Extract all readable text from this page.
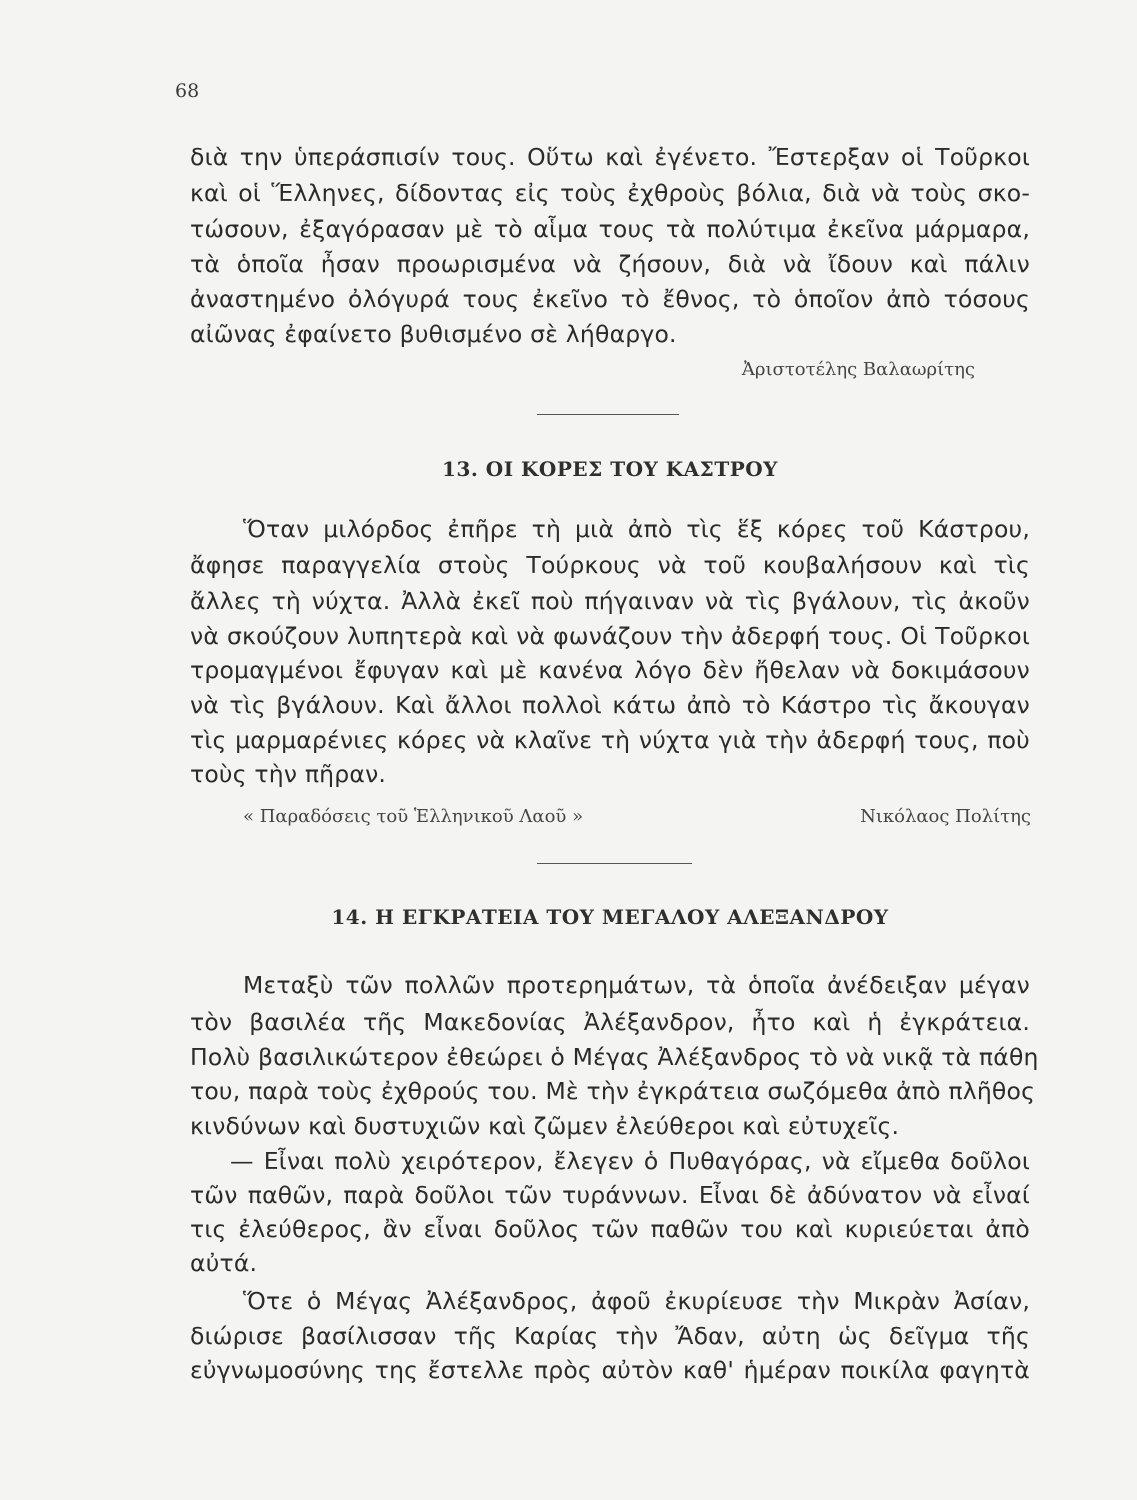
68
διὰ την ὑπεράσπισίν τους. Οὕτω καὶ ἐγένετο. Ἔστερξαν οἱ Τοῦρκοι
καὶ οἱ Ἕλληνες, δίδοντας εἰς τοὺς ἐχθροὺς βόλια, διὰ νὰ τοὺς σκο-
τώσουν, ἐξαγόρασαν μὲ τὸ αἷμα τους τὰ πολύτιμα ἐκεῖνα μάρμαρα,
τὰ ὁποῖα ἦσαν προωρισμένα νὰ ζήσουν, διὰ νὰ ἴδουν καὶ πάλιν
ἀναστημένο ὀλόγυρά τους ἐκεῖνο τὸ ἔθνος, τὸ ὁποῖον ἀπὸ τόσους
αἰῶνας ἐφαίνετο βυθισμένο σὲ λήθαργο.
Ἀριστοτέλης Βαλαωρίτης
13. ΟΙ ΚΟΡΕΣ ΤΟΥ ΚΑΣΤΡΟΥ
Ὅταν μιλόρδος ἐπῆρε τὴ μιὰ ἀπὸ τὶς ἕξ κόρες τοῦ Κάστρου,
ἄφησε παραγγελία στοὺς Τούρκους νὰ τοῦ κουβαλήσουν καὶ τὶς
ἄλλες τὴ νύχτα. Ἀλλὰ ἐκεῖ ποὺ πήγαιναν νὰ τὶς βγάλουν, τὶς ἀκοῦν
νὰ σκούζουν λυπητερὰ καὶ νὰ φωνάζουν τὴν ἀδερφή τους. Οἱ Τοῦρκοι
τρομαγμένοι ἔφυγαν καὶ μὲ κανένα λόγο δὲν ἤθελαν νὰ δοκιμάσουν
νὰ τὶς βγάλουν. Καὶ ἄλλοι πολλοὶ κάτω ἀπὸ τὸ Κάστρο τὶς ἄκουγαν
τὶς μαρμαρένιες κόρες νὰ κλαῖνε τὴ νύχτα γιὰ τὴν ἀδερφή τους, ποὺ
τοὺς τὴν πῆραν.
« Παραδόσεις τοῦ Ἑλληνικοῦ Λαοῦ »	Νικόλαος Πολίτης
14. Η ΕΓΚΡΑΤΕΙΑ ΤΟΥ ΜΕΓΑΛΟΥ ΑΛΕΞΑΝΔΡΟΥ
Μεταξὺ τῶν πολλῶν προτερημάτων, τὰ ὁποῖα ἀνέδειξαν μέγαν
τὸν βασιλέα τῆς Μακεδονίας Ἀλέξανδρον, ἦτο καὶ ἡ ἐγκράτεια.
Πολὺ βασιλικώτερον ἐθεώρει ὁ Μέγας Ἀλέξανδρος τὸ νὰ νικᾷ τὰ πάθη
του, παρὰ τοὺς ἐχθρούς του. Μὲ τὴν ἐγκράτεια σωζόμεθα ἀπὸ πλῆθος
κινδύνων καὶ δυστυχιῶν καὶ ζῶμεν ἐλεύθεροι καὶ εὐτυχεῖς.
— Εἶναι πολὺ χειρότερον, ἔλεγεν ὁ Πυθαγόρας, νὰ εἴμεθα δοῦλοι
τῶν παθῶν, παρὰ δοῦλοι τῶν τυράννων. Εἶναι δὲ ἀδύνατον νὰ εἶναί
τις ἐλεύθερος, ἂν εἶναι δοῦλος τῶν παθῶν του καὶ κυριεύεται ἀπὸ
αὐτά.
Ὅτε ὁ Μέγας Ἀλέξανδρος, ἀφοῦ ἐκυρίευσε τὴν Μικρὰν Ἀσίαν,
διώρισε βασίλισσαν τῆς Καρίας τὴν Ἄδαν, αὐτη ὡς δεῖγμα τῆς
εὐγνωμοσύνης της ἔστελλε πρὸς αὐτὸν καθ' ἡμέραν ποικίλα φαγητὰ
